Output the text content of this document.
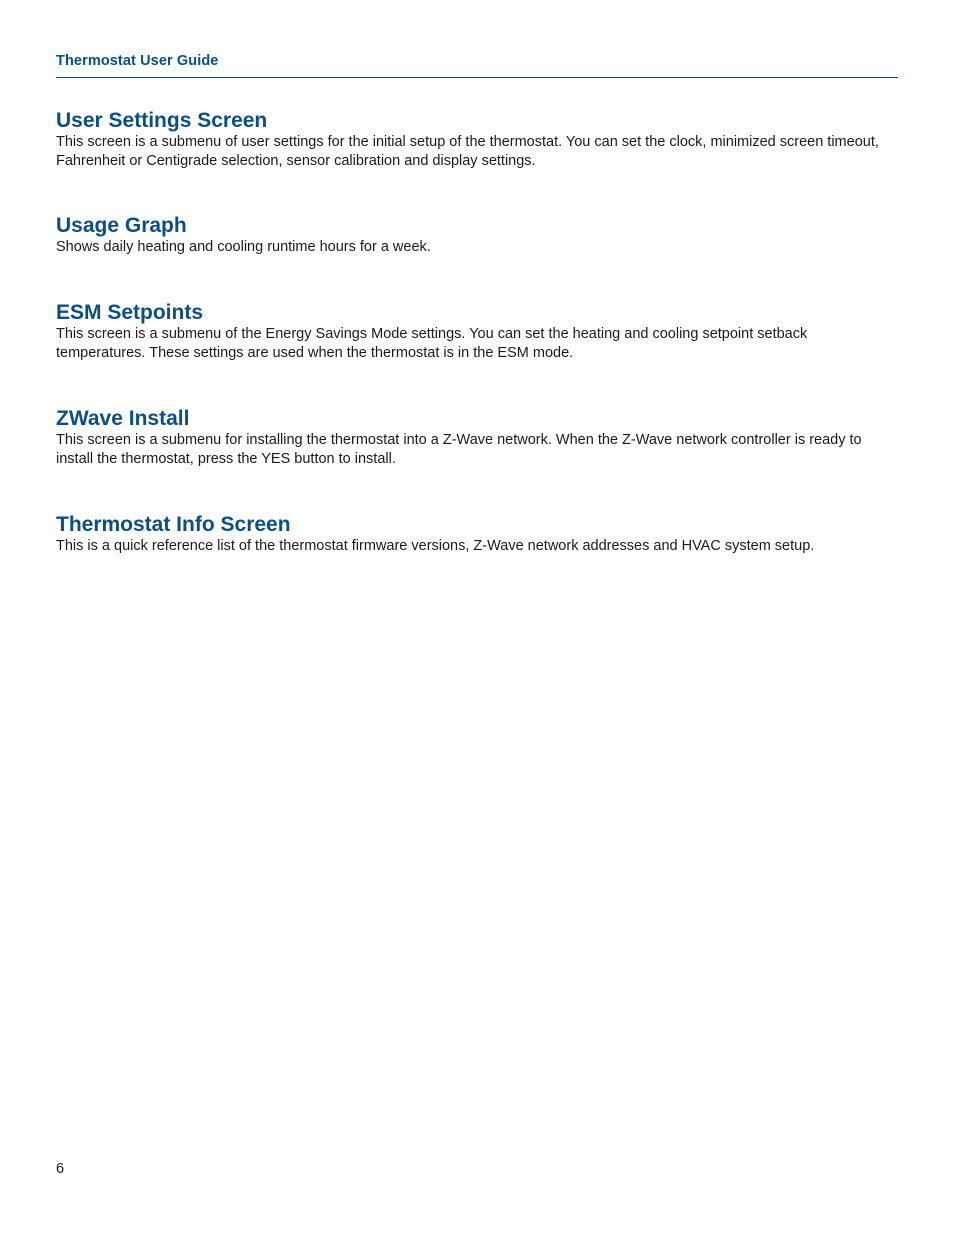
Thermostat User Guide
User Settings Screen

This screen is a submenu of user settings for the initial setup of the thermostat. You can set the clock, minimized screen timeout, Fahrenheit or Centigrade selection, sensor calibration and display settings.

Usage Graph

Shows daily heating and cooling runtime hours for a week.

ESM Setpoints

This screen is a submenu of the Energy Savings Mode settings. You can set the heating and cooling setpoint setback temperatures. These settings are used when the thermostat is in the ESM mode.

ZWave Install

This screen is a submenu for installing the thermostat into a Z-Wave network. When the Z-Wave network controller is ready to install the thermostat, press the YES button to install.

Thermostat Info Screen

This is a quick reference list of the thermostat firmware versions, Z-Wave network addresses and HVAC system setup.

6
